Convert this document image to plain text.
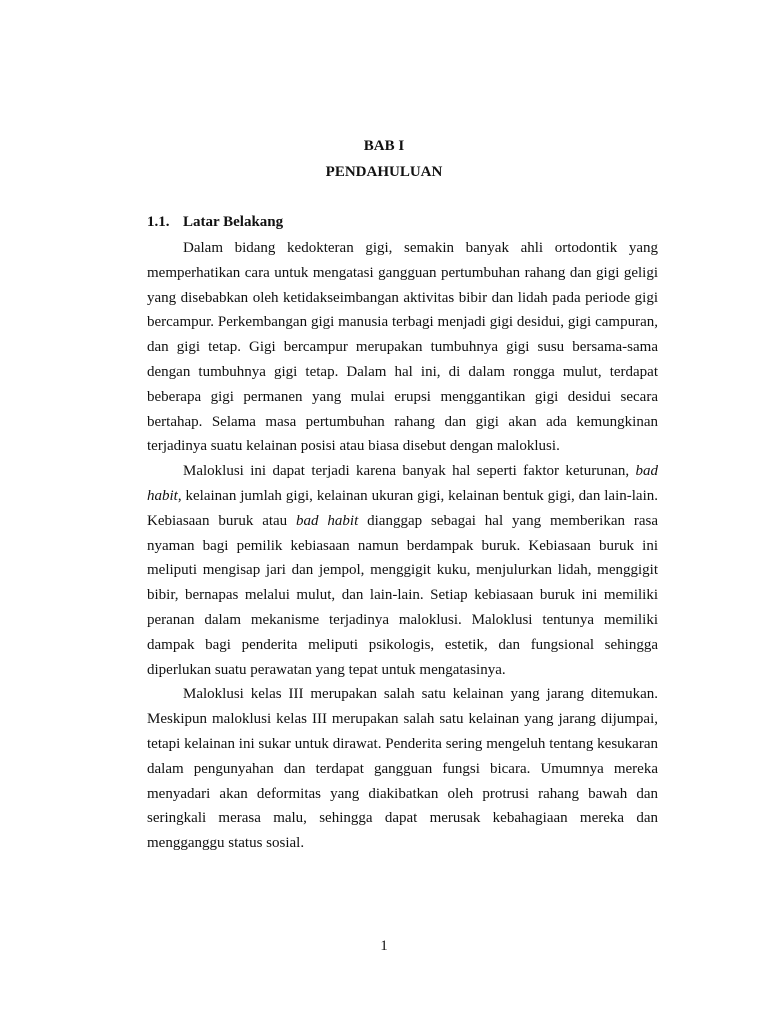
BAB I
PENDAHULUAN
1.1. Latar Belakang

Dalam bidang kedokteran gigi, semakin banyak ahli ortodontik yang memperhatikan cara untuk mengatasi gangguan pertumbuhan rahang dan gigi geligi yang disebabkan oleh ketidakseimbangan aktivitas bibir dan lidah pada periode gigi bercampur. Perkembangan gigi manusia terbagi menjadi gigi desidui, gigi campuran, dan gigi tetap. Gigi bercampur merupakan tumbuhnya gigi susu bersama-sama dengan tumbuhnya gigi tetap. Dalam hal ini, di dalam rongga mulut, terdapat beberapa gigi permanen yang mulai erupsi menggantikan gigi desidui secara bertahap. Selama masa pertumbuhan rahang dan gigi akan ada kemungkinan terjadinya suatu kelainan posisi atau biasa disebut dengan maloklusi.

Maloklusi ini dapat terjadi karena banyak hal seperti faktor keturunan, bad habit, kelainan jumlah gigi, kelainan ukuran gigi, kelainan bentuk gigi, dan lain-lain. Kebiasaan buruk atau bad habit dianggap sebagai hal yang memberikan rasa nyaman bagi pemilik kebiasaan namun berdampak buruk. Kebiasaan buruk ini meliputi mengisap jari dan jempol, menggigit kuku, menjulurkan lidah, menggigit bibir, bernapas melalui mulut, dan lain-lain. Setiap kebiasaan buruk ini memiliki peranan dalam mekanisme terjadinya maloklusi. Maloklusi tentunya memiliki dampak bagi penderita meliputi psikologis, estetik, dan fungsional sehingga diperlukan suatu perawatan yang tepat untuk mengatasinya.

Maloklusi kelas III merupakan salah satu kelainan yang jarang ditemukan. Meskipun maloklusi kelas III merupakan salah satu kelainan yang jarang dijumpai, tetapi kelainan ini sukar untuk dirawat. Penderita sering mengeluh tentang kesukaran dalam pengunyahan dan terdapat gangguan fungsi bicara. Umumnya mereka menyadari akan deformitas yang diakibatkan oleh protrusi rahang bawah dan seringkali merasa malu, sehingga dapat merusak kebahagiaan mereka dan mengganggu status sosial.

1
